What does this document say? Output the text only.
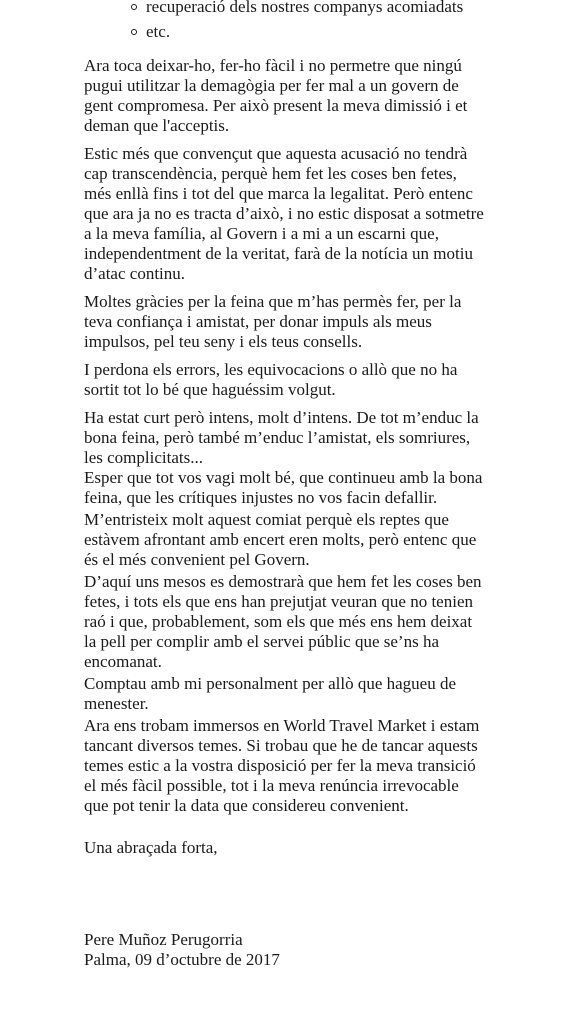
recuperació dels nostres companys acomiadats
etc.

Ara toca deixar-ho, fer-ho fàcil i no permetre que ningú
pugui utilitzar la demagògia per fer mal a un govern de
gent compromesa. Per això present la meva dimissió i et
deman que l'acceptis.

Estic més que convençut que aquesta acusació no tendrà
cap transcendència, perquè hem fet les coses ben fetes,
més enllà fins i tot del que marca la legalitat. Però entenc
que ara ja no es tracta d’això, i no estic disposat a sotmetre
a la meva família, al Govern i a mi a un escarni que,
independentment de la veritat, farà de la notícia un motiu
d’atac continu.

Moltes gràcies per la feina que m’has permès fer, per la
teva confiança i amistat, per donar impuls als meus
impulsos, pel teu seny i els teus consells.

I perdona els errors, les equivocacions o allò que no ha
sortit tot lo bé que haguéssim volgut.

Ha estat curt però intens, molt d’intens. De tot m’enduc la
bona feina, però també m’enduc l’amistat, els somriures,
les complicitats...

Esper que tot vos vagi molt bé, que continueu amb la bona
feina, que les crítiques injustes no vos facin defallir.

M’entristeix molt aquest comiat perquè els reptes que
estàvem afrontant amb encert eren molts, però entenc que
és el més convenient pel Govern.

D’aquí uns mesos es demostrarà que hem fet les coses ben
fetes, i tots els que ens han prejutjat veuran que no tenien
raó i que, probablement, som els que més ens hem deixat
la pell per complir amb el servei públic que se’ns ha
encomanat.

Comptau amb mi personalment per allò que hagueu de
menester.

Ara ens trobam immersos en World Travel Market i estam
tancant diversos temes. Si trobau que he de tancar aquests
temes estic a la vostra disposició per fer la meva transició
el més fàcil possible, tot i la meva renúncia irrevocable
que pot tenir la data que considereu convenient.

Una abraçada forta,

Pere Muñoz Perugorria

Palma, 09 d’octubre de 2017
